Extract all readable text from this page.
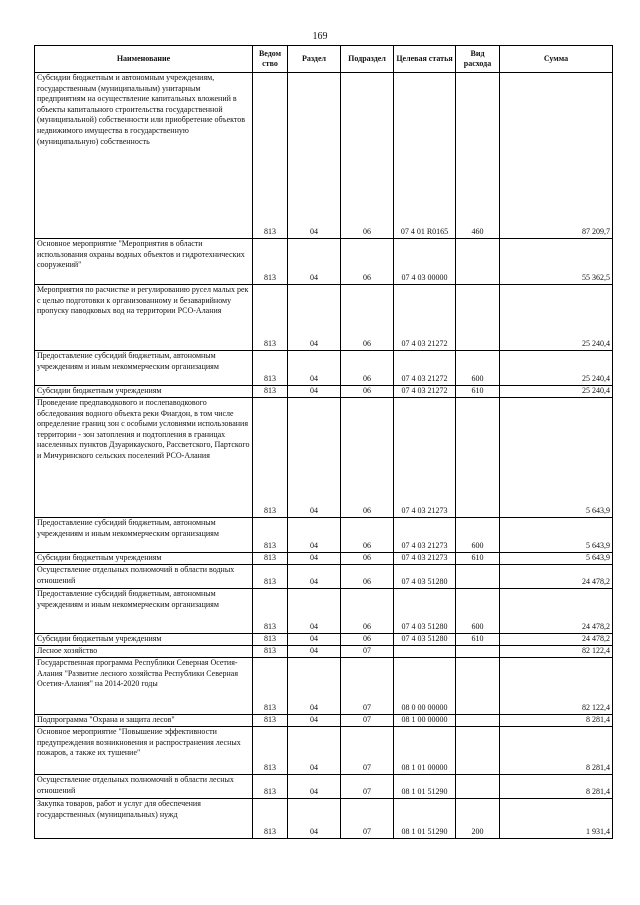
169
Наименование	Ведом ство	Раздел	Подраздел	Целевая статья	Вид расхода	Сумма
Субсидии бюджетным и автономным учреждениям, государственным (муниципальным) унитарным предприятиям на осуществление капитальных вложений в объекты капитального строительства государственной (муниципальной) собственности или приобретение объектов недвижимого имущества в государственную (муниципальную) собственность	813	04	06	07 4 01 R0165	460	87 209,7
Основное мероприятие "Мероприятия в области использования охраны водных объектов и гидротехнических сооружений"	813	04	06	07 4 03 00000		55 362,5
Мероприятия по расчистке и регулированию русел малых рек с целью подготовки к организованному и безаварийному пропуску паводковых вод на территории РСО-Алания	813	04	06	07 4 03 21272		25 240,4
Предоставление субсидий бюджетным, автономным учреждениям и иным некоммерческим организациям	813	04	06	07 4 03 21272	600	25 240,4
Субсидии бюджетным учреждениям	813	04	06	07 4 03 21272	610	25 240,4
Проведение предпаводкового и послепаводкового обследования водного объекта реки Фиагдон, в том числе определение границ зон с особыми условиями использования территории - зон затопления и подтопления в границах населенных пунктов Дзуарикауского, Рассветского, Партского и Мичуринского сельских поселений РСО-Алания	813	04	06	07 4 03 21273		5 643,9
Предоставление субсидий бюджетным, автономным учреждениям и иным некоммерческим организациям	813	04	06	07 4 03 21273	600	5 643,9
Субсидии бюджетным учреждениям	813	04	06	07 4 03 21273	610	5 643,9
Осуществление отдельных полномочий в области водных отношений	813	04	06	07 4 03 51280		24 478,2
Предоставление субсидий бюджетным, автономным учреждениям и иным некоммерческим организациям	813	04	06	07 4 03 51280	600	24 478,2
Субсидии бюджетным учреждениям	813	04	06	07 4 03 51280	610	24 478,2
Лесное хозяйство	813	04	07			82 122,4
Государственная программа Республики Северная Осетия-Алания "Развитие лесного хозяйства Республики Северная Осетия-Алания" на 2014-2020 годы	813	04	07	08 0 00 00000		82 122,4
Подпрограмма "Охрана и защита лесов"	813	04	07	08 1 00 00000		8 281,4
Основное мероприятие "Повышение эффективности предупреждения возникновения и распространения лесных пожаров, а также их тушение"	813	04	07	08 1 01 00000		8 281,4
Осуществление отдельных полномочий в области лесных отношений	813	04	07	08 1 01 51290		8 281,4
Закупка товаров, работ и услуг для обеспечения государственных (муниципальных) нужд	813	04	07	08 1 01 51290	200	1 931,4
